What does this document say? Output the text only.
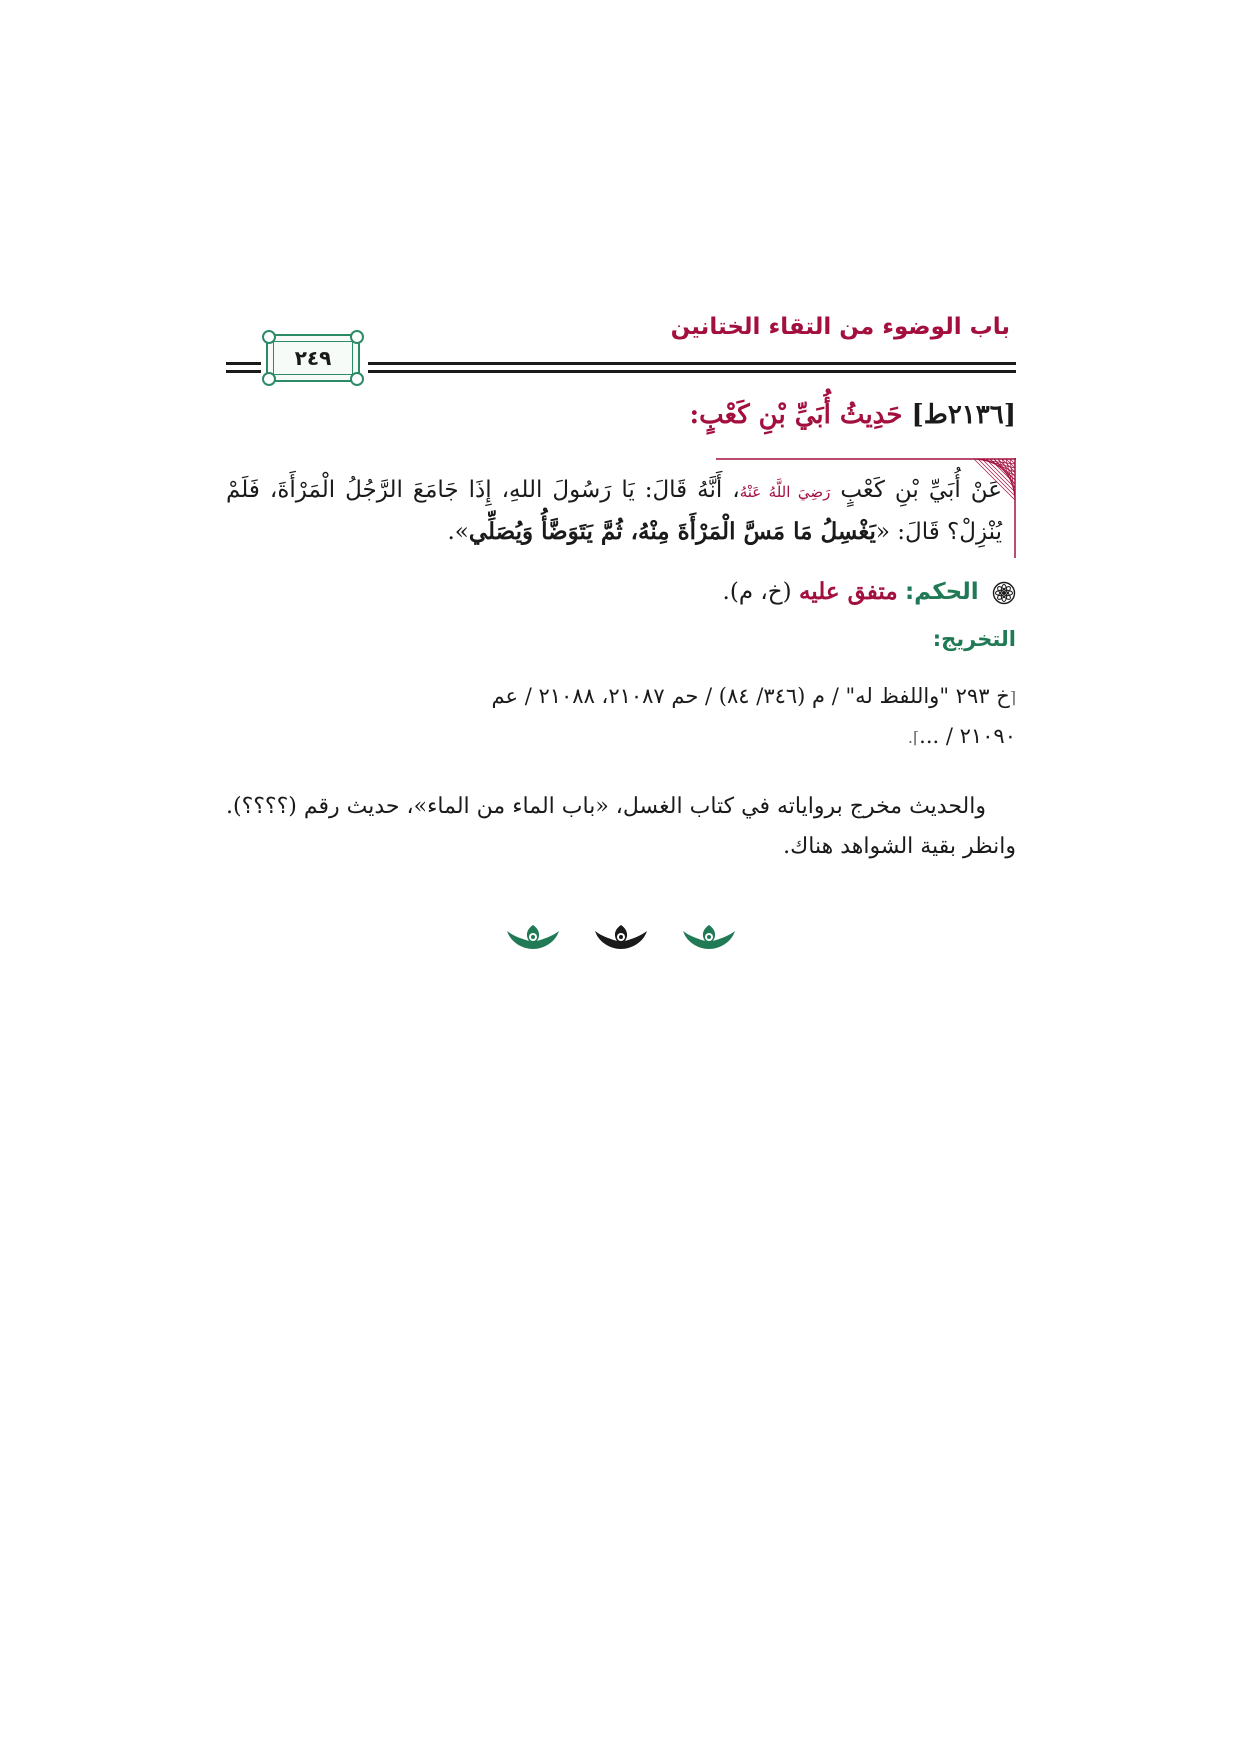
باب الوضوء من التقاء الختانين
٢٤٩
[٢١٣٦ط] حَدِيثُ أُبَيِّ بْنِ كَعْبٍ:

عَنْ أُبَيِّ بْنِ كَعْبٍ رَضِيَ اللَّهُ عَنْهُ، أَنَّهُ قَالَ: يَا رَسُولَ اللهِ، إِذَا جَامَعَ الرَّجُلُ الْمَرْأَةَ، فَلَمْ يُنْزِلْ؟ قَالَ: «يَغْسِلُ مَا مَسَّ الْمَرْأَةَ مِنْهُ، ثُمَّ يَتَوَضَّأُ وَيُصَلِّي».

الحكم: متفق عليه (خ، م).
التخريج:

⌈خ ٢٩٣ "واللفظ له" / م (٣٤٦/ ٨٤) / حم ٢١٠٨٧، ٢١٠٨٨ / عم
٢١٠٩٠ / ...⌉.

والحديث مخرج برواياته في كتاب الغسل، «باب الماء من الماء»، حديث رقم (؟؟؟؟). وانظر بقية الشواهد هناك.
